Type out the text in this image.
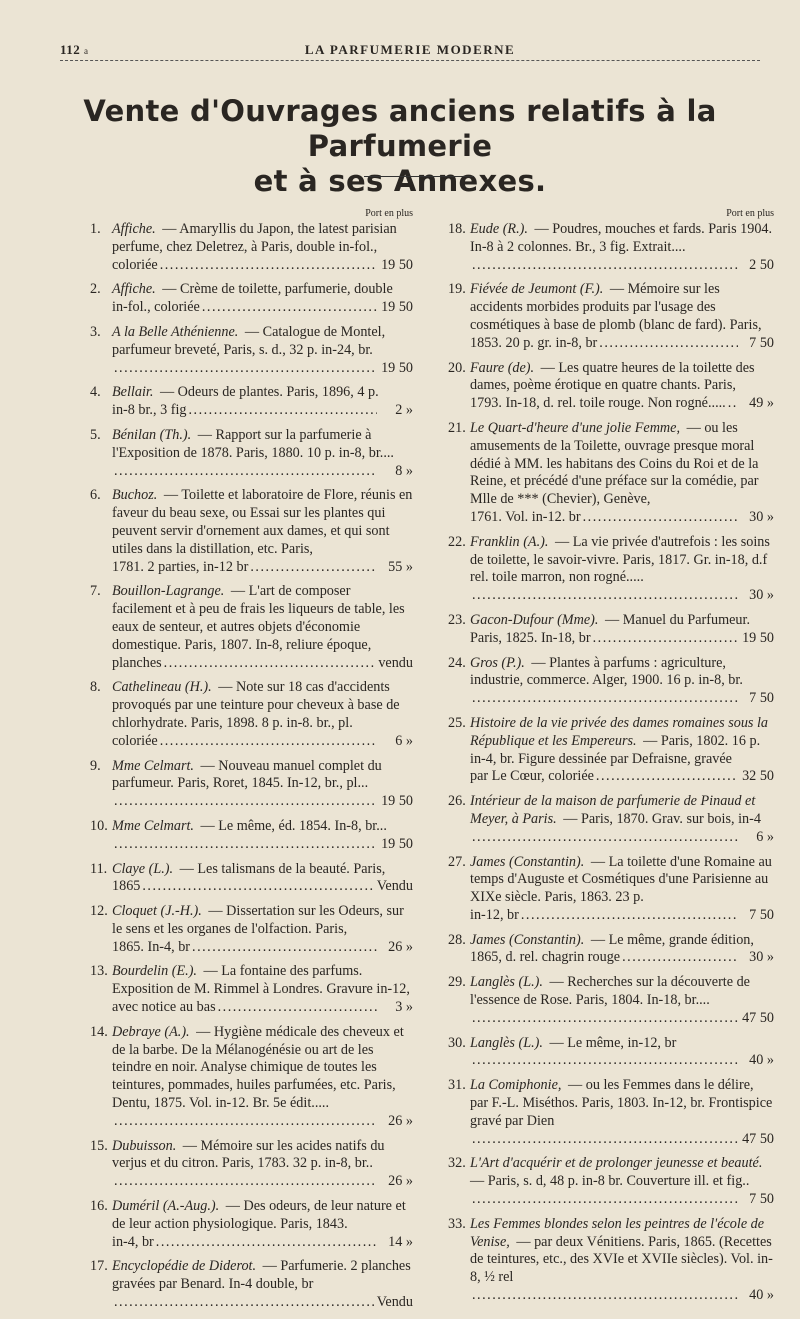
112 a	LA PARFUMERIE MODERNE
Vente d'Ouvrages anciens relatifs à la Parfumerie
et à ses Annexes.
Port en plus
1. Affiche. — Amaryllis du Japon, the latest parisian perfume, chez Deletrez, à Paris, double in-fol.,
coloriée .....	19 50
2. Affiche. — Crème de toilette, parfumerie, double
in-fol., coloriée .....	19 50
3. A la Belle Athénienne. — Catalogue de Montel, parfumeur breveté, Paris, s. d., 32 p. in-24, br.
.....
19 50
4. Bellair. — Odeurs de plantes. Paris, 1896, 4 p.
in-8 br., 3 fig .....	2 »
5. Bénilan (Th.). — Rapport sur la parfumerie à l'Exposition de 1878. Paris, 1880. 10 p. in-8, br....
.....
8 »
6. Buchoz. — Toilette et laboratoire de Flore, réunis en faveur du beau sexe, ou Essai sur les plantes qui peuvent servir d'ornement aux dames, et qui sont utiles dans la distillation, etc. Paris,
1781. 2 parties, in-12 br .....	55 »
7. Bouillon-Lagrange. — L'art de composer facilement et à peu de frais les liqueurs de table, les eaux de senteur, et autres objets d'économie domestique. Paris, 1807. In-8, reliure époque,
planches .....	vendu
8. Cathelineau (H.). — Note sur 18 cas d'accidents provoqués par une teinture pour cheveux à base de chlorhydrate. Paris, 1898. 8 p. in-8. br., pl.
coloriée .....	6 »
9. Mme Celmart. — Nouveau manuel complet du parfumeur. Paris, Roret, 1845. In-12, br., pl...
.....
19 50
10. Mme Celmart. — Le même, éd. 1854. In-8, br...
.....
19 50
11. Claye (L.). — Les talismans de la beauté. Paris,
1865 .....	Vendu
12. Cloquet (J.-H.). — Dissertation sur les Odeurs, sur le sens et les organes de l'olfaction. Paris,
1865. In-4, br .....	26 »
13. Bourdelin (E.). — La fontaine des parfums. Exposition de M. Rimmel à Londres. Gravure in-12,
avec notice au bas .....	3 »
14. Debraye (A.). — Hygiène médicale des cheveux et de la barbe. De la Mélanogénésie ou art de les teindre en noir. Analyse chimique de toutes les teintures, pommades, huiles parfumées, etc. Paris, Dentu, 1875. Vol. in-12. Br. 5e édit.....
.....
26 »
15. Dubuisson. — Mémoire sur les acides natifs du verjus et du citron. Paris, 1783. 32 p. in-8, br..
.....
26 »
16. Duméril (A.-Aug.). — Des odeurs, de leur nature et de leur action physiologique. Paris, 1843.
in-4, br .....	14 »
17. Encyclopédie de Diderot. — Parfumerie. 2 planches gravées par Benard. In-4 double, br
.....
Vendu
Port en plus
18. Eude (R.). — Poudres, mouches et fards. Paris 1904. In-8 à 2 colonnes. Br., 3 fig. Extrait....
.....
2 50
19. Fiévée de Jeumont (F.). — Mémoire sur les accidents morbides produits par l'usage des cosmétiques à base de plomb (blanc de fard). Paris,
1853. 20 p. gr. in-8, br .....	7 50
20. Faure (de). — Les quatre heures de la toilette des dames, poème érotique en quatre chants. Paris,
1793. In-18, d. rel. toile rouge. Non rogné..... .....	49 »
21. Le Quart-d'heure d'une jolie Femme, — ou les amusements de la Toilette, ouvrage presque moral dédié à MM. les habitans des Coins du Roi et de la Reine, et précédé d'une préface sur la comédie, par Mlle de *** (Chevier), Genève,
1761. Vol. in-12. br .....	30 »
22. Franklin (A.). — La vie privée d'autrefois : les soins de toilette, le savoir-vivre. Paris, 1817. Gr. in-18, d.f rel. toile marron, non rogné.....
.....
30 »
23. Gacon-Dufour (Mme). — Manuel du Parfumeur.
Paris, 1825. In-18, br .....	19 50
24. Gros (P.). — Plantes à parfums : agriculture, industrie, commerce. Alger, 1900. 16 p. in-8, br.
.....
7 50
25. Histoire de la vie privée des dames romaines sous la République et les Empereurs. — Paris, 1802. 16 p. in-4, br. Figure dessinée par Defraisne, gravée
par Le Cœur, coloriée .....	32 50
26. Intérieur de la maison de parfumerie de Pinaud et Meyer, à Paris. — Paris, 1870. Grav. sur bois, in-4
.....
6 »
27. James (Constantin). — La toilette d'une Romaine au temps d'Auguste et Cosmétiques d'une Parisienne au XIXe siècle. Paris, 1863. 23 p.
in-12, br .....	7 50
28. James (Constantin). — Le même, grande édition,
1865, d. rel. chagrin rouge .....	30 »
29. Langlès (L.). — Recherches sur la découverte de l'essence de Rose. Paris, 1804. In-18, br....
.....
47 50
30. Langlès (L.). — Le même, in-12, br
.....
40 »
31. La Comiphonie, — ou les Femmes dans le délire, par F.-L. Miséthos. Paris, 1803. In-12, br. Frontispice gravé par Dien
.....
47 50
32. L'Art d'acquérir et de prolonger jeunesse et beauté. — Paris, s. d, 48 p. in-8 br. Couverture ill. et fig..
.....
7 50
33. Les Femmes blondes selon les peintres de l'école de Venise, — par deux Vénitiens. Paris, 1865. (Recettes de teintures, etc., des XVIe et XVIIe siècles). Vol. in-8, ½ rel
.....
40 »
